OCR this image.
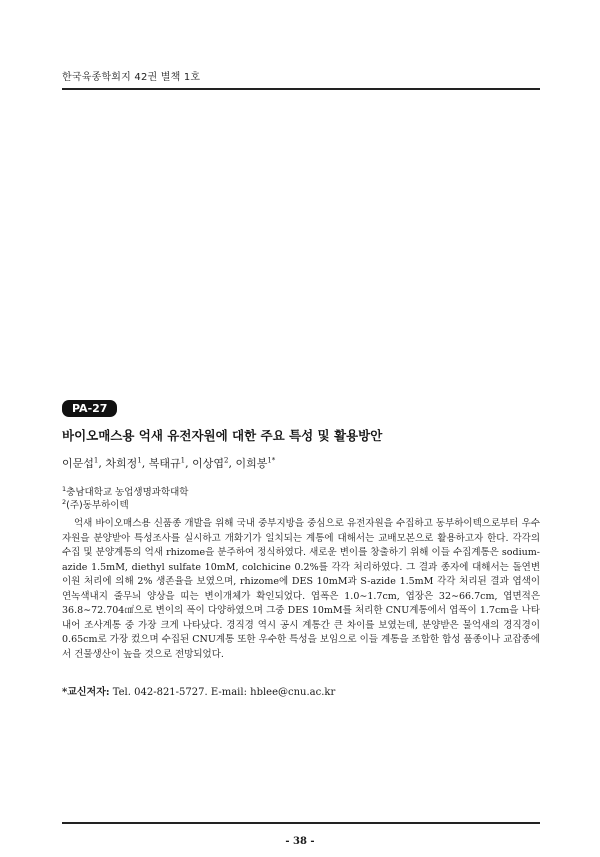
한국육종학회지 42권 별책 1호
PA-27
바이오매스용 억새 유전자원에 대한 주요 특성 및 활용방안
이문섭$^1$, 차희정$^1$, 복태규$^1$, 이상엽$^2$, 이희봉$^{1*}$
$^1$충남대학교 농업생명과학대학
$^2$(주)동부하이텍

억새 바이오매스용 신품종 개발을 위해 국내 중부지방을 중심으로 유전자원을 수집하고 동부하이텍으로부터 우수자원을 분양받아 특성조사를 실시하고 개화기가 일치되는 계통에 대해서는 교배모본으로 활용하고자 한다. 각각의 수집 및 분양계통의 억새 rhizome을 분주하여 정식하였다. 새로운 변이를 창출하기 위해 이들 수집계통은 sodium-azide 1.5mM, diethyl sulfate 10mM, colchicine 0.2%를 각각 처리하였다. 그 결과 종자에 대해서는 돌연변이원 처리에 의해 2% 생존율을 보였으며, rhizome에 DES 10mM과 S-azide 1.5mM 각각 처리된 결과 엽색이 연녹색내지 줄무늬 양상을 띠는 변이개체가 확인되었다. 엽폭은 1.0∼1.7cm, 엽장은 32∼66.7cm, 엽면적은 36.8∼72.704㎠으로 변이의 폭이 다양하였으며 그중 DES 10mM를 처리한 CNU계통에서 엽폭이 1.7cm을 나타내어 조사계통 중 가장 크게 나타났다. 경직경 역시 공시 계통간 큰 차이를 보였는데, 분양받은 물억새의 경직경이 0.65cm로 가장 컸으며 수집된 CNU계통 또한 우수한 특성을 보임으로 이들 계통을 조합한 합성 품종이나 교잡종에서 건물생산이 높을 것으로 전망되었다.

*교신저자: Tel. 042-821-5727. E-mail: hblee@cnu.ac.kr
- 38 -
